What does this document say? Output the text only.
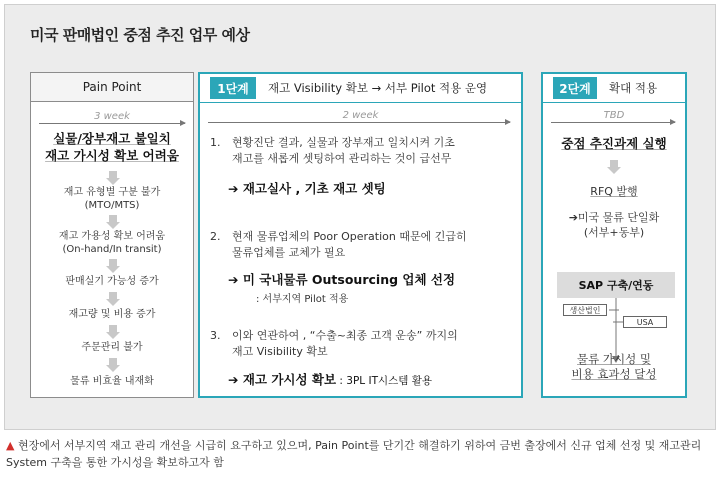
미국 판매법인 중점 추진 업무 예상
Pain Point
3 week
실물/장부재고 불일치
재고 가시성 확보 어려움
재고 유형별 구분 불가
(MTO/MTS)
재고 가용성 확보 어려움
(On-hand/In transit)
판매실기 가능성 증가
재고량 및 비용 증가
주문관리 불가
물류 비효율 내재화
1단계	재고 Visibility 확보 → 서부 Pilot 적용 운영
2 week
1. 현황진단 결과, 실물과 장부재고 일치시켜 기초
재고를 새롭게 셋팅하여 관리하는 것이 급선무
➔ 재고실사 , 기초 재고 셋팅
2. 현재 물류업체의 Poor Operation 때문에 긴급히
물류업체를 교체가 필요
➔ 미 국내물류 Outsourcing 업체 선정
: 서부지역 Pilot 적용
3. 이와 연관하여 , “수출~최종 고객 운송” 까지의
재고 Visibility 확보
➔ 재고 가시성 확보 : 3PL IT시스템 활용
2단계	확대 적용
TBD
중점 추진과제 실행
RFQ 발행
➔미국 물류 단일화
(서부+동부)
SAP 구축/연동
생산법인
USA
물류 가시성 및
비용 효과성 달성
▲ 현장에서 서부지역 재고 관리 개선을 시급히 요구하고 있으며, Pain Point를 단기간 해결하기 위하여 금번 출장에서 신규 업체 선정 및 재고관리 System 구축을 통한 가시성을 확보하고자 함
